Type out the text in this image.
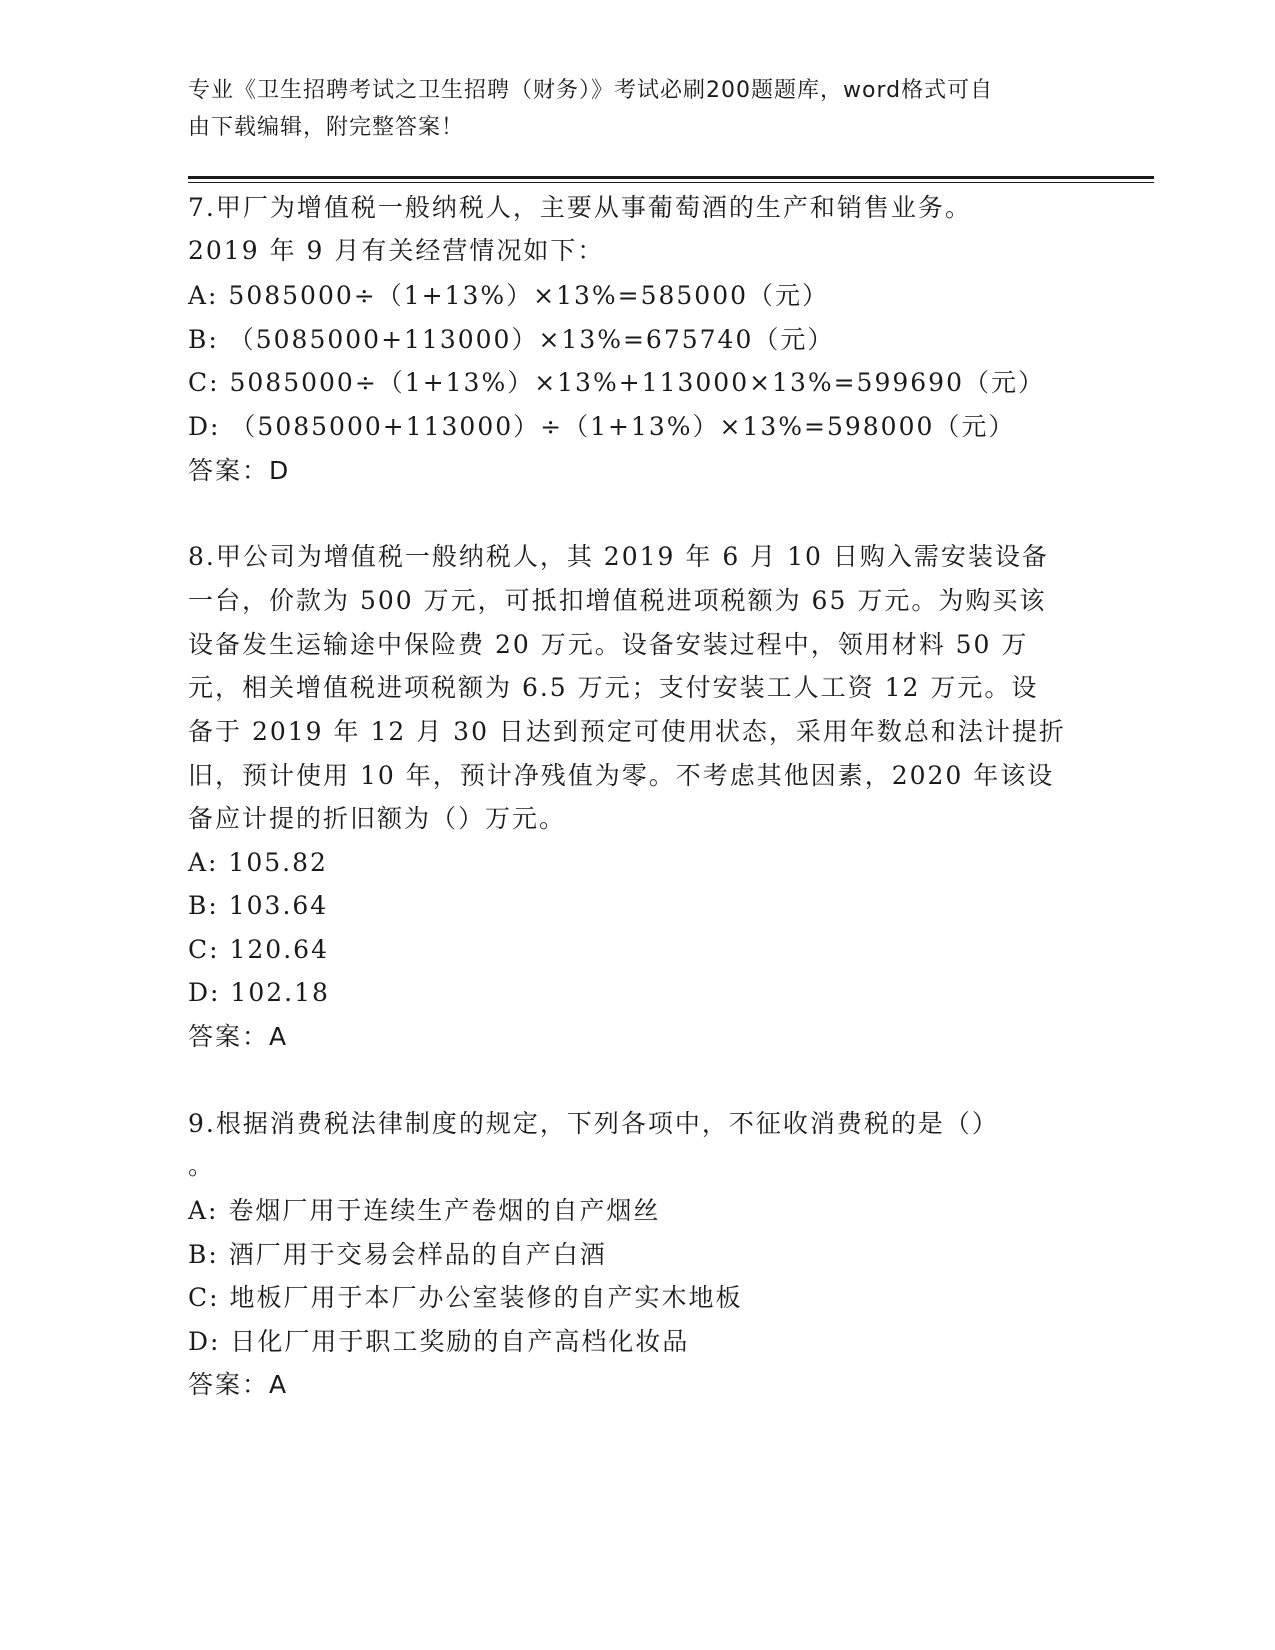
专业《卫生招聘考试之卫生招聘（财务）》考试必刷200题题库，word格式可自
由下载编辑，附完整答案！
7.甲厂为增值税一般纳税人，主要从事葡萄酒的生产和销售业务。
2019 年 9 月有关经营情况如下：
A: 5085000÷（1+13%）×13%=585000（元）
B: （5085000+113000）×13%=675740（元）
C: 5085000÷（1+13%）×13%+113000×13%=599690（元）
D: （5085000+113000）÷（1+13%）×13%=598000（元）
答案：D
8.甲公司为增值税一般纳税人，其 2019 年 6 月 10 日购入需安装设备
一台，价款为 500 万元，可抵扣增值税进项税额为 65 万元。为购买该
设备发生运输途中保险费 20 万元。设备安装过程中，领用材料 50 万
元，相关增值税进项税额为 6.5 万元；支付安装工人工资 12 万元。设
备于 2019 年 12 月 30 日达到预定可使用状态，采用年数总和法计提折
旧，预计使用 10 年，预计净残值为零。不考虑其他因素，2020 年该设
备应计提的折旧额为（）万元。
A: 105.82
B: 103.64
C: 120.64
D: 102.18
答案：A
9.根据消费税法律制度的规定，下列各项中，不征收消费税的是（）
。
A: 卷烟厂用于连续生产卷烟的自产烟丝
B: 酒厂用于交易会样品的自产白酒
C: 地板厂用于本厂办公室装修的自产实木地板
D: 日化厂用于职工奖励的自产高档化妆品
答案：A
